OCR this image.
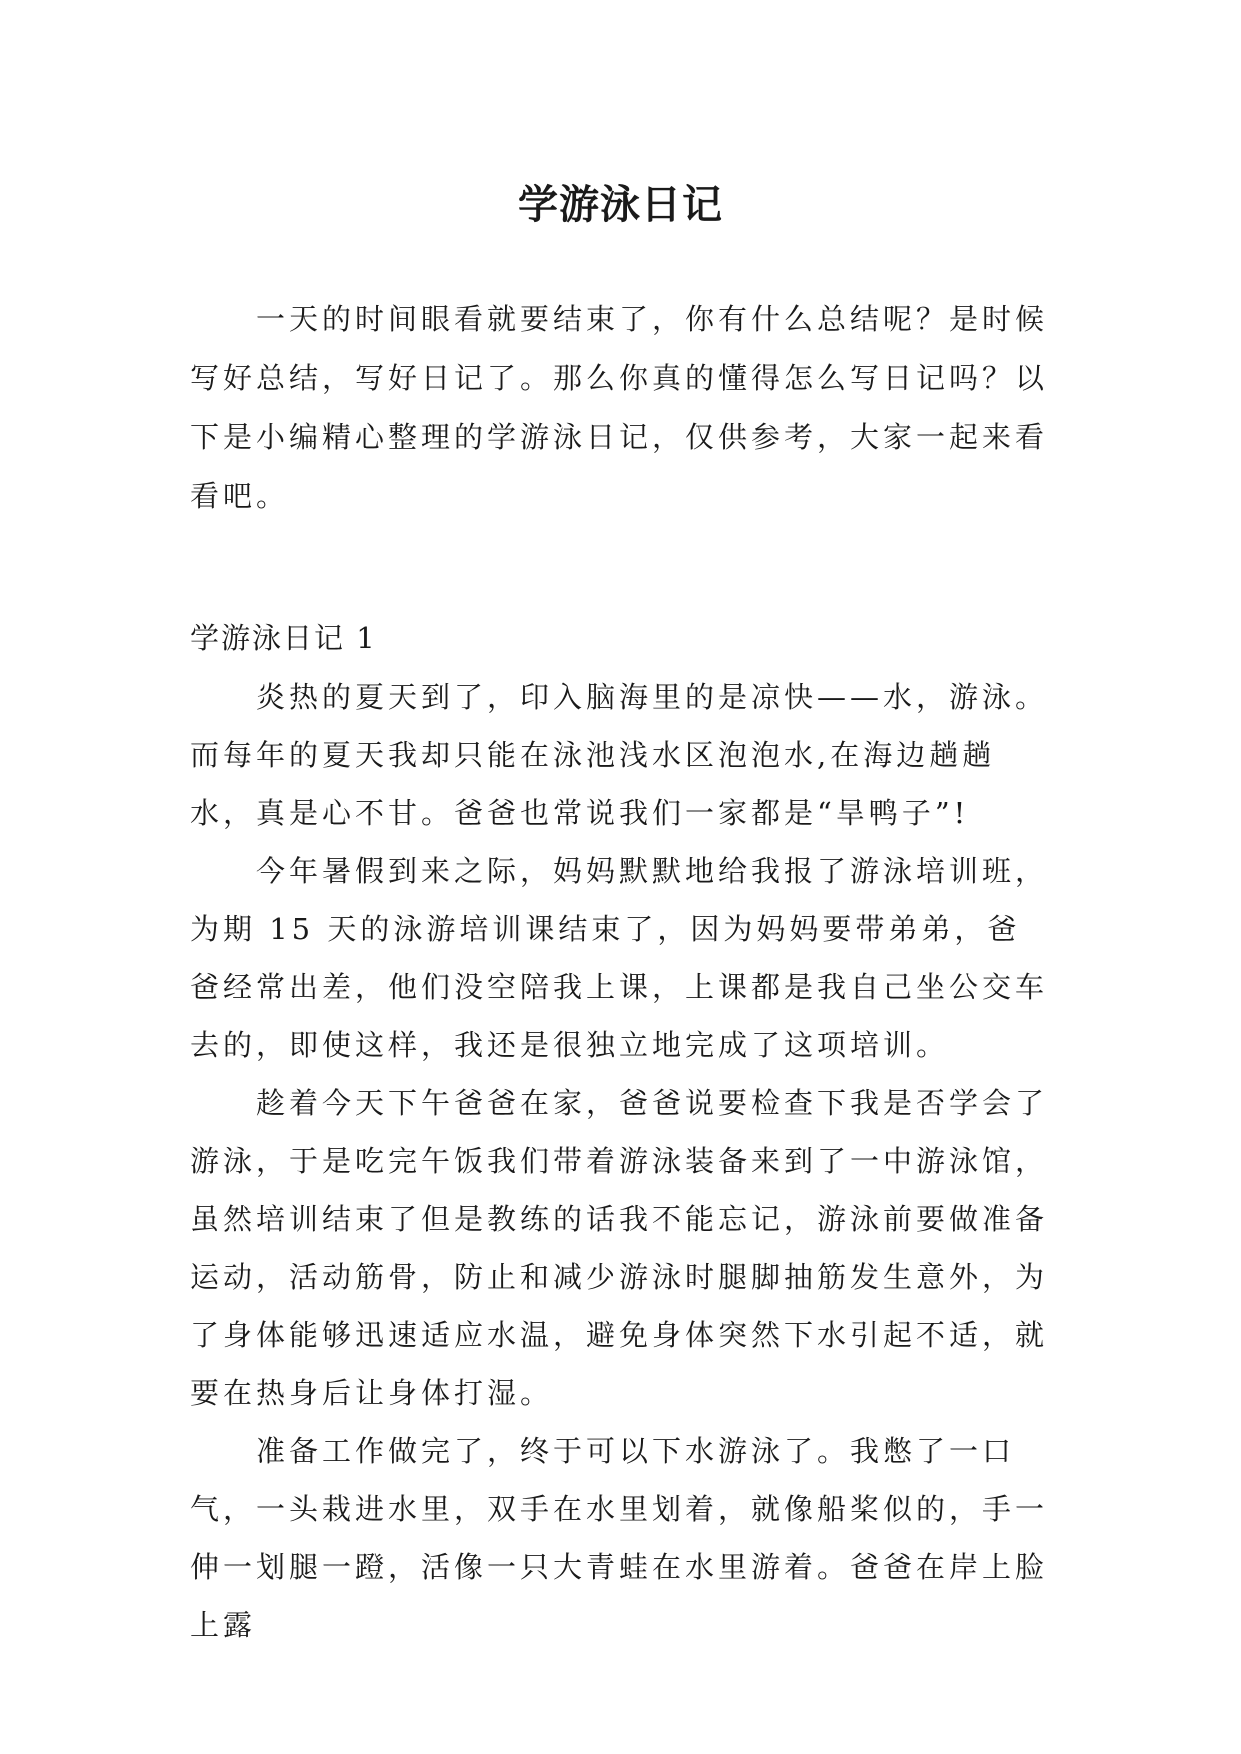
学游泳日记

一天的时间眼看就要结束了，你有什么总结呢？是时候写好总结，写好日记了。那么你真的懂得怎么写日记吗？以下是小编精心整理的学游泳日记，仅供参考，大家一起来看看吧。

学游泳日记 1

炎热的夏天到了，印入脑海里的是凉快——水，游泳。而每年的夏天我却只能在泳池浅水区泡泡水,在海边趟趟水，真是心不甘。爸爸也常说我们一家都是“旱鸭子”!

今年暑假到来之际，妈妈默默地给我报了游泳培训班，为期 15 天的泳游培训课结束了，因为妈妈要带弟弟，爸爸经常出差，他们没空陪我上课，上课都是我自己坐公交车去的，即使这样，我还是很独立地完成了这项培训。

趁着今天下午爸爸在家，爸爸说要检查下我是否学会了游泳，于是吃完午饭我们带着游泳装备来到了一中游泳馆，虽然培训结束了但是教练的话我不能忘记，游泳前要做准备运动，活动筋骨，防止和减少游泳时腿脚抽筋发生意外，为了身体能够迅速适应水温，避免身体突然下水引起不适，就要在热身后让身体打湿。

准备工作做完了，终于可以下水游泳了。我憋了一口气，一头栽进水里，双手在水里划着，就像船桨似的，手一伸一划腿一蹬，活像一只大青蛙在水里游着。爸爸在岸上脸上露
